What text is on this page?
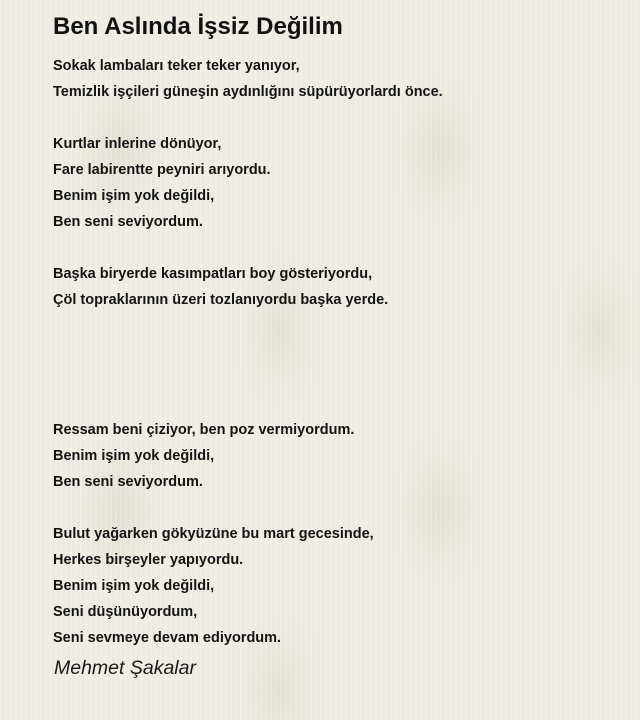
Ben Aslında İşsiz Değilim
Sokak lambaları teker teker yanıyor,
Temizlik işçileri güneşin aydınlığını süpürüyorlardı önce.
Kurtlar inlerine dönüyor,
Fare labirentte peyniri arıyordu.
Benim işim yok değildi,
Ben seni seviyordum.
Başka biryerde kasımpatları boy gösteriyordu,
Çöl topraklarının üzeri tozlanıyordu başka yerde.
Ressam beni çiziyor, ben poz vermiyordum.
Benim işim yok değildi,
Ben seni seviyordum.
Bulut yağarken gökyüzüne bu mart gecesinde,
Herkes birşeyler yapıyordu.
Benim işim yok değildi,
Seni düşünüyordum,
Seni sevmeye devam ediyordum.
Mehmet Şakalar
